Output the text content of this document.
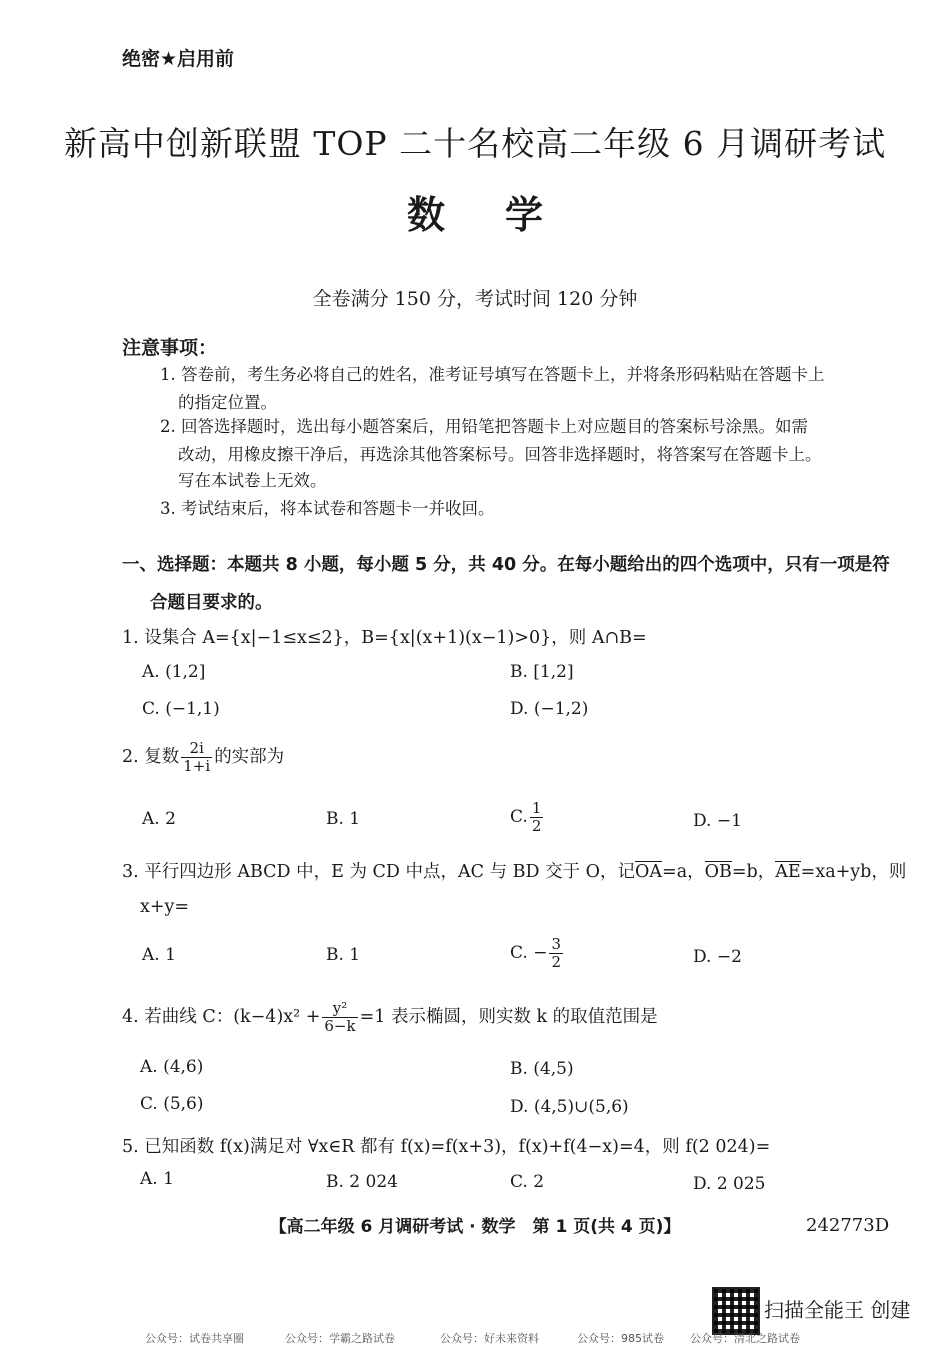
绝密★启用前
新高中创新联盟 TOP 二十名校高二年级 6 月调研考试
数学
全卷满分 150 分，考试时间 120 分钟
注意事项：
1. 答卷前，考生务必将自己的姓名，准考证号填写在答题卡上，并将条形码粘贴在答题卡上
的指定位置。
2. 回答选择题时，选出每小题答案后，用铅笔把答题卡上对应题目的答案标号涂黑。如需
改动，用橡皮擦干净后，再选涂其他答案标号。回答非选择题时，将答案写在答题卡上。
写在本试卷上无效。
3. 考试结束后，将本试卷和答题卡一并收回。
一、选择题：本题共 8 小题，每小题 5 分，共 40 分。在每小题给出的四个选项中，只有一项是符
合题目要求的。
1. 设集合 A={x|−1≤x≤2}，B={x|(x+1)(x−1)>0}，则 A∩B=
A. (1,2]	B. [1,2]
C. (−1,1)	D. (−1,2)
2. 复数 $\frac{2i}{1+i}$ 的实部为
A. 2	B. 1	C. $\frac{1}{2}$	D. −1
3. 平行四边形 ABCD 中，E 为 CD 中点，AC 与 BD 交于 O，记OA=a，OB=b，AE=xa+yb，则
x+y=
A. 1	B. 1	C. − $\frac{3}{2}$	D. −2
4. 若曲线 C：$(k-4)x^2 + \frac{\text{y²}}{6-k} =1$ 表示椭圆，则实数 k 的取值范围是
A. (4,6)	B. (4,5)
C. (5,6)	D. (4,5)∪(5,6)
5. 已知函数 f(x)满足对 ∀x∈R 都有 f(x)=f(x+3)，f(x)+f(4−x)=4，则 f(2 024)=
A. 1	B. 2 024	C. 2	D. 2 025
【高二年级 6 月调研考试 · 数学　第 1 页(共 4 页)】	242773D
扫描全能王 创建
公众号：试卷共享圈	公众号：学霸之路试卷	公众号：好未来资料	公众号：985试卷 公众号：清北之路试卷
